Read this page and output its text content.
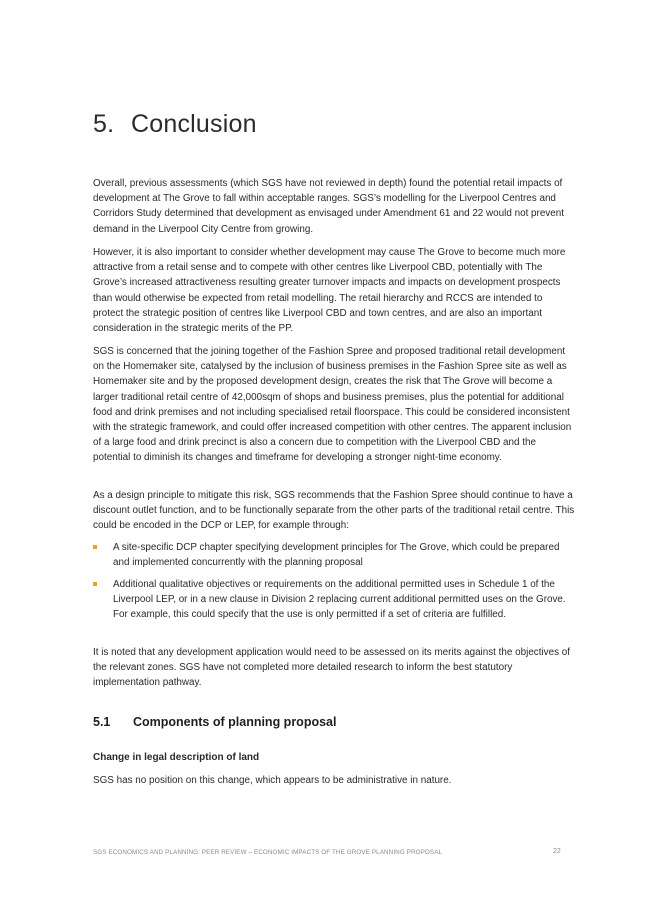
5. Conclusion

Overall, previous assessments (which SGS have not reviewed in depth) found the potential retail impacts of development at The Grove to fall within acceptable ranges. SGS’s modelling for the Liverpool Centres and Corridors Study determined that development as envisaged under Amendment 61 and 22 would not prevent demand in the Liverpool City Centre from growing.

However, it is also important to consider whether development may cause The Grove to become much more attractive from a retail sense and to compete with other centres like Liverpool CBD, potentially with The Grove’s increased attractiveness resulting greater turnover impacts and impacts on development prospects than would otherwise be expected from retail modelling. The retail hierarchy and RCCS are intended to protect the strategic position of centres like Liverpool CBD and town centres, and are also an important consideration in the strategic merits of the PP.

SGS is concerned that the joining together of the Fashion Spree and proposed traditional retail development on the Homemaker site, catalysed by the inclusion of business premises in the Fashion Spree site as well as Homemaker site and by the proposed development design, creates the risk that The Grove will become a larger traditional retail centre of 42,000sqm of shops and business premises, plus the potential for additional food and drink premises and not including specialised retail floorspace. This could be considered inconsistent with the strategic framework, and could offer increased competition with other centres. The apparent inclusion of a large food and drink precinct is also a concern due to competition with the Liverpool CBD and the potential to diminish its changes and timeframe for developing a stronger night-time economy.

As a design principle to mitigate this risk, SGS recommends that the Fashion Spree should continue to have a discount outlet function, and to be functionally separate from the other parts of the traditional retail centre. This could be encoded in the DCP or LEP, for example through:

A site-specific DCP chapter specifying development principles for The Grove, which could be prepared and implemented concurrently with the planning proposal
Additional qualitative objectives or requirements on the additional permitted uses in Schedule 1 of the Liverpool LEP, or in a new clause in Division 2 replacing current additional permitted uses on the Grove. For example, this could specify that the use is only permitted if a set of criteria are fulfilled.

It is noted that any development application would need to be assessed on its merits against the objectives of the relevant zones. SGS have not completed more detailed research to inform the best statutory implementation pathway.

5.1 Components of planning proposal
Change in legal description of land

SGS has no position on this change, which appears to be administrative in nature.

SGS ECONOMICS AND PLANNING: PEER REVIEW – ECONOMIC IMPACTS OF THE GROVE PLANNING PROPOSAL	22
